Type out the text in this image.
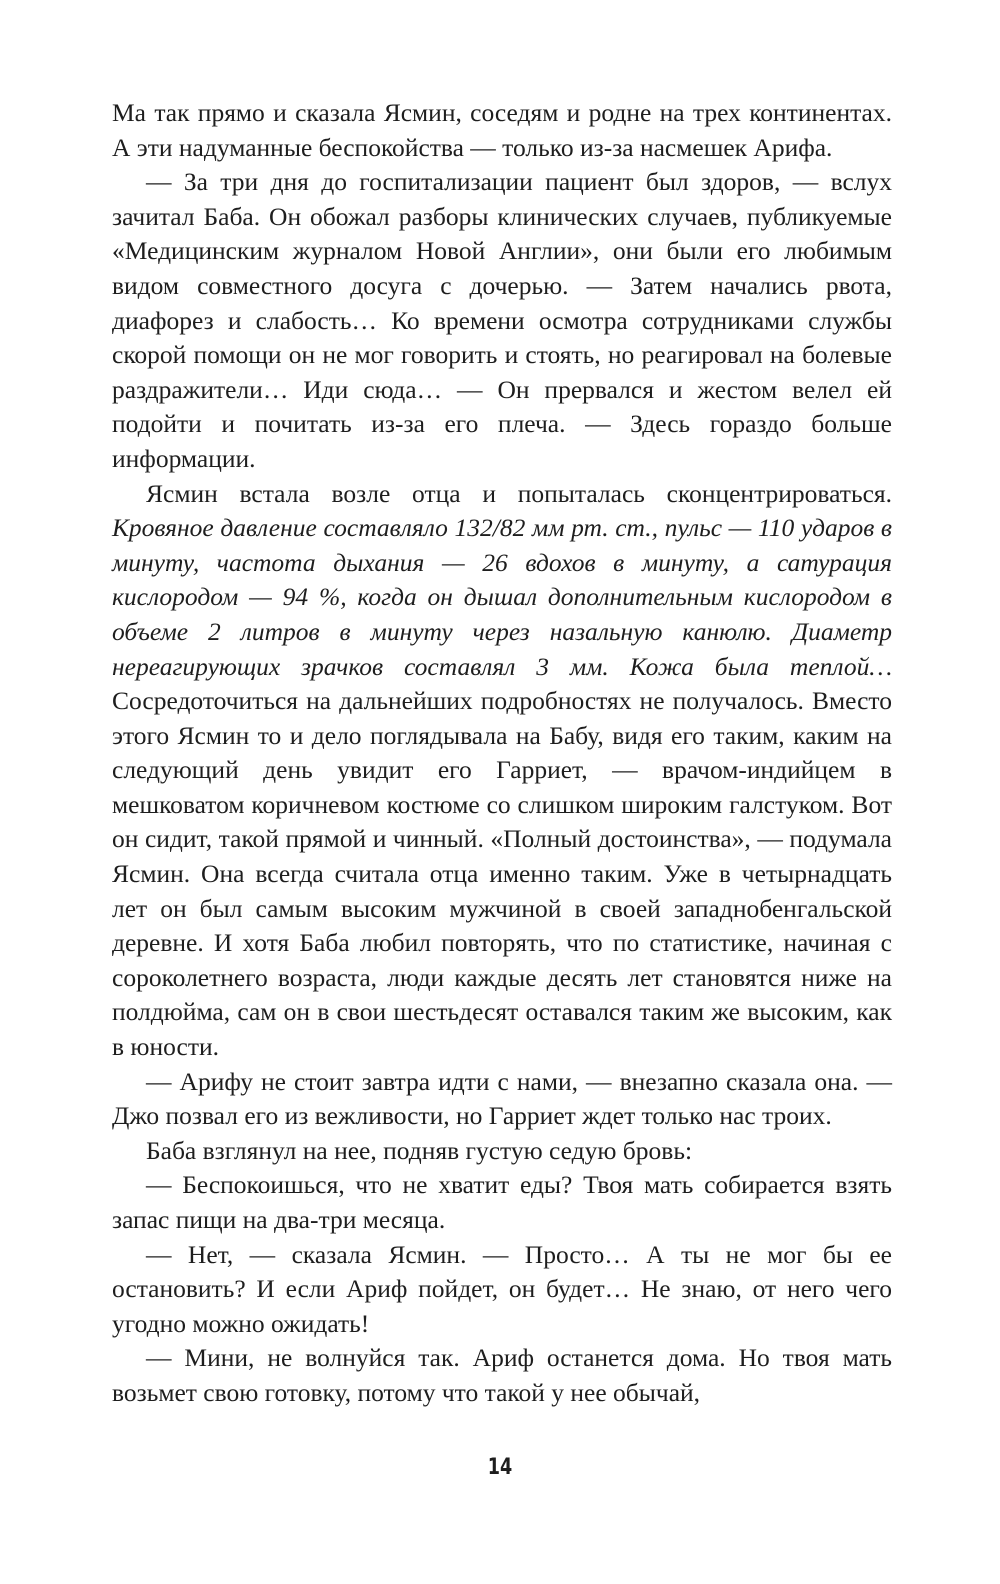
Ма так прямо и сказала Ясмин, соседям и родне на трех континентах. А эти надуманные беспокойства — только из-за насмешек Арифа.

— За три дня до госпитализации пациент был здоров, — вслух зачитал Баба. Он обожал разборы клинических случаев, публикуемые «Медицинским журналом Новой Англии», они были его любимым видом совместного досуга с дочерью. — Затем начались рвота, диафорез и слабость… Ко времени осмотра сотрудниками службы скорой помощи он не мог говорить и стоять, но реагировал на болевые раздражители… Иди сюда… — Он прервался и жестом велел ей подойти и почитать из-за его плеча. — Здесь гораздо больше информации.

Ясмин встала возле отца и попыталась сконцентрироваться. Кровяное давление составляло 132/82 мм рт. ст., пульс — 110 ударов в минуту, частота дыхания — 26 вдохов в минуту, а сатурация кислородом — 94 %, когда он дышал дополнительным кислородом в объеме 2 литров в минуту через назальную канюлю. Диаметр нереагирующих зрачков составлял 3 мм. Кожа была теплой… Сосредоточиться на дальнейших подробностях не получалось. Вместо этого Ясмин то и дело поглядывала на Бабу, видя его таким, каким на следующий день увидит его Гарриет, — врачом-индийцем в мешковатом коричневом костюме со слишком широким галстуком. Вот он сидит, такой прямой и чинный. «Полный достоинства», — подумала Ясмин. Она всегда считала отца именно таким. Уже в четырнадцать лет он был самым высоким мужчиной в своей западнобенгальской деревне. И хотя Баба любил повторять, что по статистике, начиная с сороколетнего возраста, люди каждые десять лет становятся ниже на полдюйма, сам он в свои шестьдесят оставался таким же высоким, как в юности.

— Арифу не стоит завтра идти с нами, — внезапно сказала она. — Джо позвал его из вежливости, но Гарриет ждет только нас троих.

Баба взглянул на нее, подняв густую седую бровь:

— Беспокоишься, что не хватит еды? Твоя мать собирается взять запас пищи на два-три месяца.

— Нет, — сказала Ясмин. — Просто… А ты не мог бы ее остановить? И если Ариф пойдет, он будет… Не знаю, от него чего угодно можно ожидать!

— Мини, не волнуйся так. Ариф останется дома. Но твоя мать возьмет свою готовку, потому что такой у нее обычай,

14
